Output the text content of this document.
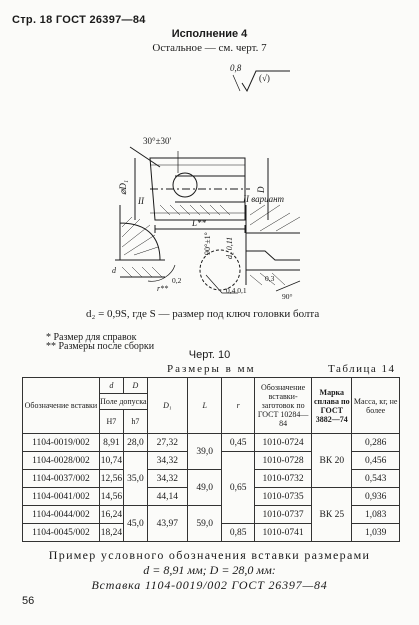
Стр. 18 ГОСТ 26397—84
Исполнение 4
Остальное — см. черт. 7
30°±30'
0,8
(√)
⌀D₁	D
L**
II	II вариант
d
d₂ 0,11
90°±1°
r**
0,2
0,4 0,1
0,3
90°
d₂ = 0,9S, где S — размер под ключ головки болта
* Размер для справок
** Размеры после сборки
Черт. 10
Размеры в мм	Таблица 14
Обозначение вставки	d	D	D₁	L	r	Обозначение вставки-заготовок по ГОСТ 10284—84	Марка сплава по ГОСТ 3882—74	Масса, кг, не более
	Поле допуска							
	H7	h7						
1104-0019/002	8,91	28,0	27,32	39,0	0,45	1010-0724	ВК 20	0,286
1104-0028/002	10,74	35,0	34,32		0,65	1010-0728		0,456
1104-0037/002	12,56		34,32	49,0		1010-0732		0,543
1104-0041/002	14,56		44,14			1010-0735	ВК 25	0,936
1104-0044/002	16,24	45,0	43,97	59,0		1010-0737		1,083
1104-0045/002	18,24				0,85	1010-0741		1,039
Пример условного обозначения вставки размерами
d = 8,91 мм; D = 28,0 мм:
Вставка 1104-0019/002 ГОСТ 26397—84
56
